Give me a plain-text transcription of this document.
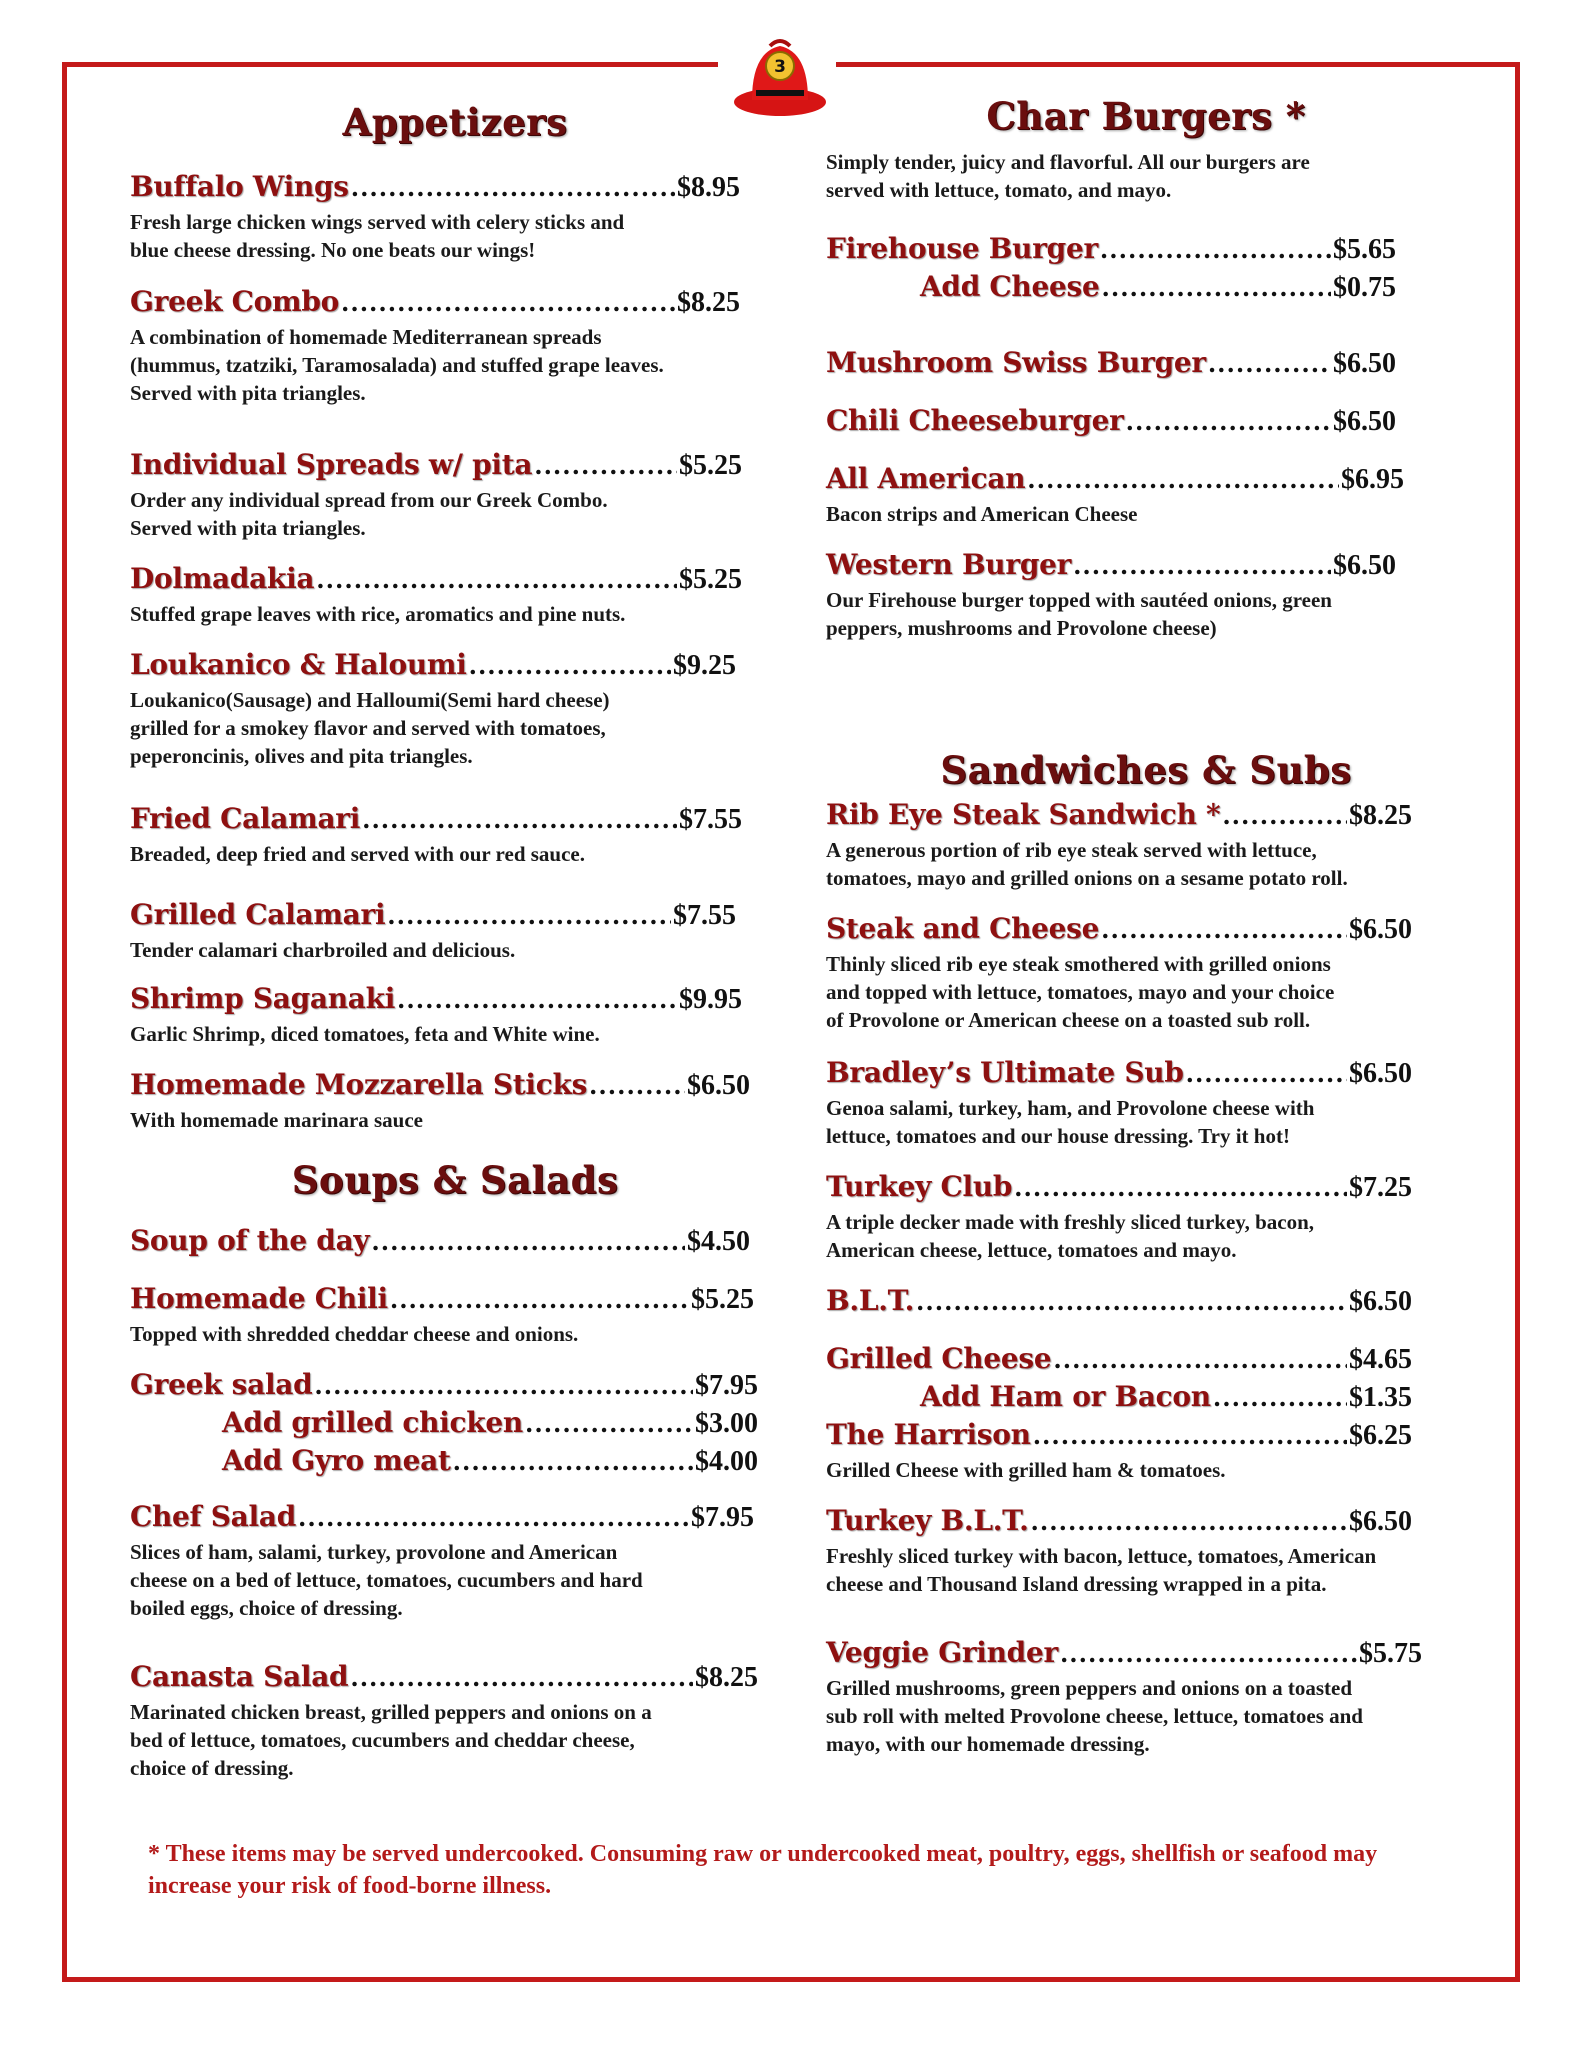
3
Appetizers
Buffalo Wings .....	$8.95
Fresh large chicken wings served with celery sticks and
blue cheese dressing. No one beats our wings!
Greek Combo .....	$8.25
A combination of homemade Mediterranean spreads
(hummus, tzatziki, Taramosalada) and stuffed grape leaves.
Served with pita triangles.
Individual Spreads w/ pita .....	$5.25
Order any individual spread from our Greek Combo.
Served with pita triangles.
Dolmadakia .....	$5.25
Stuffed grape leaves with rice, aromatics and pine nuts.
Loukanico & Haloumi .....	$9.25
Loukanico(Sausage) and Halloumi(Semi hard cheese)
grilled for a smokey flavor and served with tomatoes,
peperoncinis, olives and pita triangles.
Fried Calamari .....	$7.55
Breaded, deep fried and served with our red sauce.
Grilled Calamari .....	$7.55
Tender calamari charbroiled and delicious.
Shrimp Saganaki .....	$9.95
Garlic Shrimp, diced tomatoes, feta and White wine.
Homemade Mozzarella Sticks .....	$6.50
With homemade marinara sauce
Soups & Salads
Soup of the day .....	$4.50
Homemade Chili .....	$5.25
Topped with shredded cheddar cheese and onions.
Greek salad .....	$7.95
Add grilled chicken .....	$3.00
Add Gyro meat .....	$4.00
Chef Salad .....	$7.95
Slices of ham, salami, turkey, provolone and American
cheese on a bed of lettuce, tomatoes, cucumbers and hard
boiled eggs, choice of dressing.
Canasta Salad .....	$8.25
Marinated chicken breast, grilled peppers and onions on a
bed of lettuce, tomatoes, cucumbers and cheddar cheese,
choice of dressing.
Char Burgers *
Simply tender, juicy and flavorful. All our burgers are
served with lettuce, tomato, and mayo.
Firehouse Burger .....	$5.65
Add Cheese .....	$0.75
Mushroom Swiss Burger .....	$6.50
Chili Cheeseburger .....	$6.50
All American .....	$6.95
Bacon strips and American Cheese
Western Burger .....	$6.50
Our Firehouse burger topped with sautéed onions, green
peppers, mushrooms and Provolone cheese)
Sandwiches & Subs
Rib Eye Steak Sandwich * .....	$8.25
A generous portion of rib eye steak served with lettuce,
tomatoes, mayo and grilled onions on a sesame potato roll.
Steak and Cheese .....	$6.50
Thinly sliced rib eye steak smothered with grilled onions
and topped with lettuce, tomatoes, mayo and your choice
of Provolone or American cheese on a toasted sub roll.
Bradley’s Ultimate Sub .....	$6.50
Genoa salami, turkey, ham, and Provolone cheese with
lettuce, tomatoes and our house dressing. Try it hot!
Turkey Club .....	$7.25
A triple decker made with freshly sliced turkey, bacon,
American cheese, lettuce, tomatoes and mayo.
B.L.T. .....	$6.50
Grilled Cheese .....	$4.65
Add Ham or Bacon .....	$1.35
The Harrison .....	$6.25
Grilled Cheese with grilled ham & tomatoes.
Turkey B.L.T. .....	$6.50
Freshly sliced turkey with bacon, lettuce, tomatoes, American
cheese and Thousand Island dressing wrapped in a pita.
Veggie Grinder .....	$5.75
Grilled mushrooms, green peppers and onions on a toasted
sub roll with melted Provolone cheese, lettuce, tomatoes and
mayo, with our homemade dressing.
* These items may be served undercooked. Consuming raw or undercooked meat, poultry, eggs, shellfish or seafood may increase your risk of food-borne illness.
